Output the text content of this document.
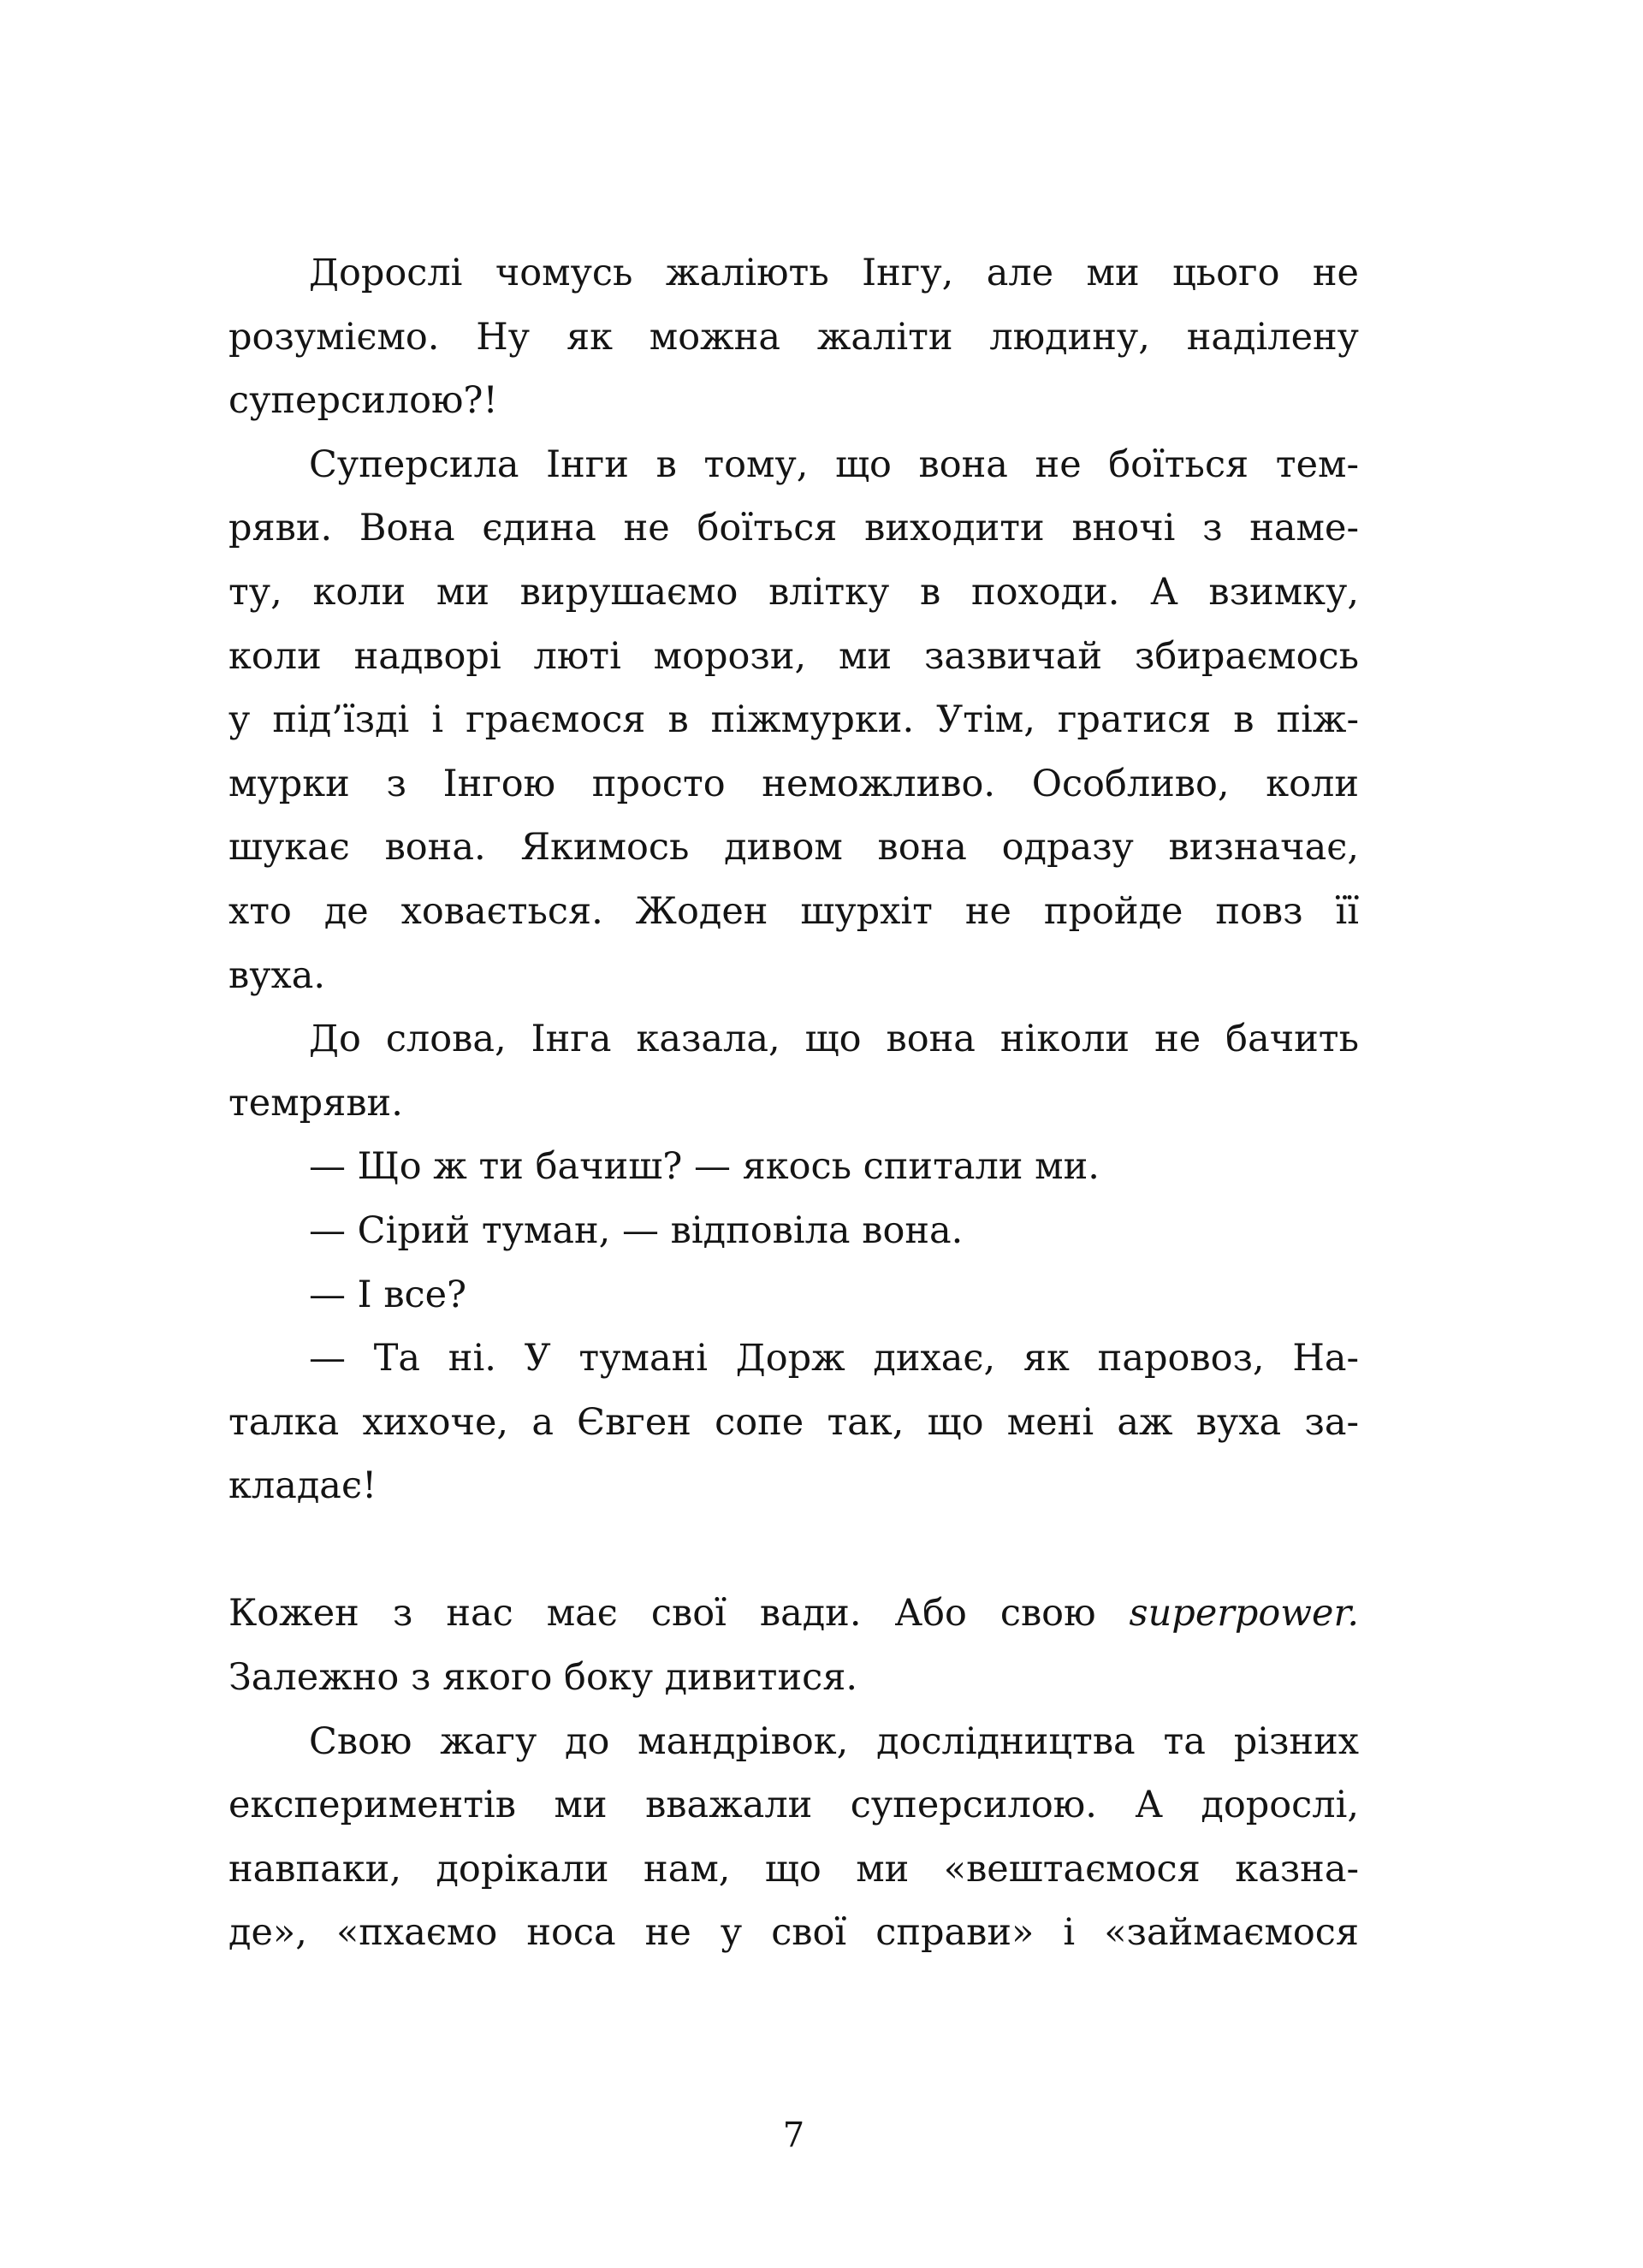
Дорослі чомусь жаліють Інгу, але ми цього не
розуміємо. Ну як можна жаліти людину, наділену
суперсилою?!
Суперсила Інги в тому, що вона не боїться тем-
ряви. Вона єдина не боїться виходити вночі з наме-
ту, коли ми вирушаємо влітку в походи. А взимку,
коли надворі люті морози, ми зазвичай збираємось
у під’їзді і граємося в піжмурки. Утім, гратися в піж-
мурки з Інгою просто неможливо. Особливо, коли
шукає вона. Якимось дивом вона одразу визначає,
хто де ховається. Жоден шурхіт не пройде повз її
вуха.
До слова, Інга казала, що вона ніколи не бачить
темряви.
— Що ж ти бачиш? — якось спитали ми.
— Сірий туман, — відповіла вона.
— І все?
— Та ні. У тумані Дорж дихає, як паровоз, На-
талка хихоче, а Євген сопе так, що мені аж вуха за-
кладає!
Кожен з нас має свої вади. Або свою superpower.
Залежно з якого боку дивитися.
Свою жагу до мандрівок, дослідництва та різних
експериментів ми вважали суперсилою. А дорослі,
навпаки, дорікали нам, що ми «вештаємося казна-
де», «пхаємо носа не у свої справи» і «займаємося
7
